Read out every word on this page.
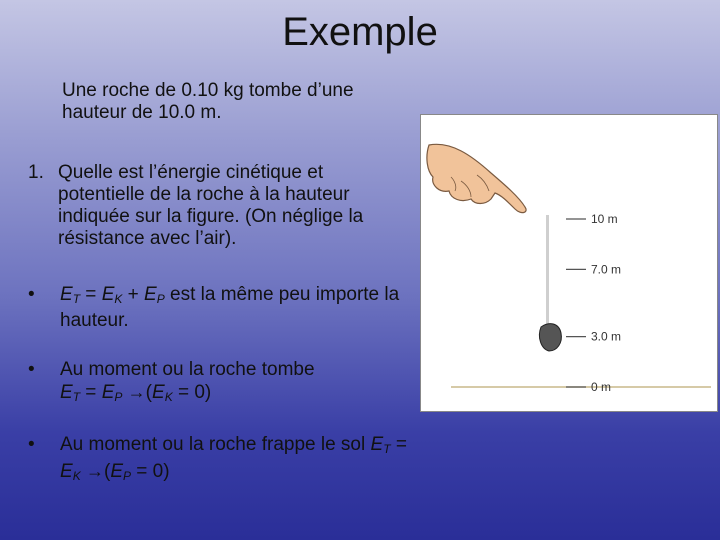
Exemple
Une roche de 0.10 kg tombe d’une hauteur de 10.0 m.
1. Quelle est l’énergie cinétique et potentielle de la roche à la hauteur indiquée sur la figure. (On néglige la résistance avec l’air).
• $E_T = E_K + E_P$ est la même peu importe la hauteur.
• Au moment ou la roche tombe
$E_T = E_P \to(E_K = 0)$
• Au moment ou la roche frappe le sol $E_T = E_K \to(E_P = 0)$
10 m
7.0 m
3.0 m
0 m
